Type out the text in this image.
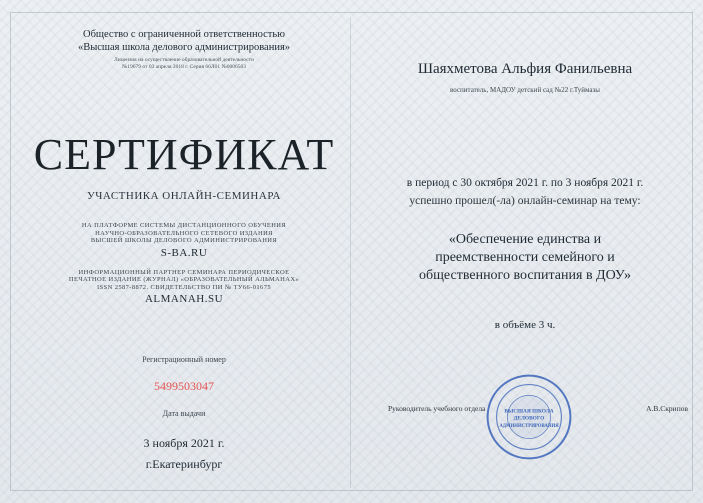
Общество с ограниченной ответственностью
«Высшая школа делового администрирования»
Лицензия на осуществление образовательной деятельности
№19679 от 03 апреля 2018 г. Серия 66Л01 №0006503
СЕРТИФИКАТ
УЧАСТНИКА ОНЛАЙН-СЕМИНАРА
НА ПЛАТФОРМЕ СИСТЕМЫ ДИСТАНЦИОННОГО ОБУЧЕНИЯ
НАУЧНО-ОБРАЗОВАТЕЛЬНОГО СЕТЕВОГО ИЗДАНИЯ
ВЫСШЕЙ ШКОЛЫ ДЕЛОВОГО АДМИНИСТРИРОВАНИЯ
S-BA.RU
ИНФОРМАЦИОННЫЙ ПАРТНЕР СЕМИНАРА ПЕРИОДИЧЕСКОЕ
ПЕЧАТНОЕ ИЗДАНИЕ (ЖУРНАЛ) «ОБРАЗОВАТЕЛЬНЫЙ АЛЬМАНАХ»
ISSN 2587-8872. СВИДЕТЕЛЬСТВО ПИ № ТУ66-01675
ALMANAH.SU
Регистрационный номер
5499503047
Дата выдачи
3 ноября 2021 г.
г.Екатеринбург
Шаяхметова Альфия Фанильевна
воспитатель, МАДОУ детский сад №22 г.Туймазы
в период с 30 октября 2021 г. по 3 ноября 2021 г.
успешно прошел(-ла) онлайн-семинар на тему:
«Обеспечение единства и
преемственности семейного и
общественного воспитания в ДОУ»
в объёме 3 ч.
Руководитель учебного отдела	А.В.Скрипов
ВЫСШАЯ ШКОЛА
ДЕЛОВОГО
АДМИНИСТРИРОВАНИЯ
